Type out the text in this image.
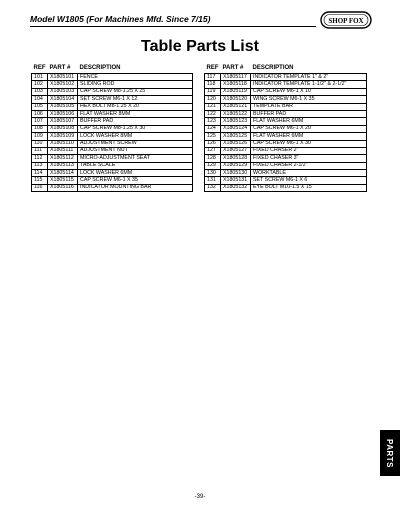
Model W1805 (For Machines Mfd. Since 7/15)	SHOP FOX
Table Parts List
REF	PART #	DESCRIPTION
101	X1805101	FENCE
102	X1805102	SLIDING ROD
103	X1805103	CAP SCREW M8-1.25 X 25
104	X1805104	SET SCREW M6-1 X 12
105	X1805105	HEX BOLT M8-1.25 X 20
106	X1805106	FLAT WASHER 8MM
107	X1805107	BUFFER PAD
108	X1805108	CAP SCREW M8-1.25 X 30
109	X1805109	LOCK WASHER 8MM
110	X1805110	ADJUSTMENT SCREW
111	X1805111	ADJUSTMENT NUT
112	X1805112	MICRO-ADJUSTMENT SEAT
113	X1805113	TABLE SCALE
114	X1805114	LOCK WASHER 6MM
115	X1805115	CAP SCREW M6-1 X 35
116	X1805116	INDICATOR MOUNTING BAR
REF	PART #	DESCRIPTION
117	X1805117	INDICATOR TEMPLATE 1" & 2"
118	X1805118	INDICATOR TEMPLATE 1-1/2" & 2-1/2"
119	X1805119	CAP SCREW M6-1 X 10
120	X1805120	WING SCREW M6-1 X 35
121	X1805121	TEMPLATE BAR
122	X1805122	BUFFER PAD
123	X1805123	FLAT WASHER 6MM
124	X1805124	CAP SCREW M6-1 X 20
125	X1805125	FLAT WASHER 6MM
126	X1805126	CAP SCREW M6-1 X 30
127	X1805127	FIXED CHASER 2"
128	X1805128	FIXED CHASER 3"
129	X1805129	FIXED CHASER 2-1/2"
130	X1805130	WORKTABLE
131	X1805131	SET SCREW M6-1 X 6
132	X1805132	EYE BOLT M10-1.5 X 15
PARTS
-39-
